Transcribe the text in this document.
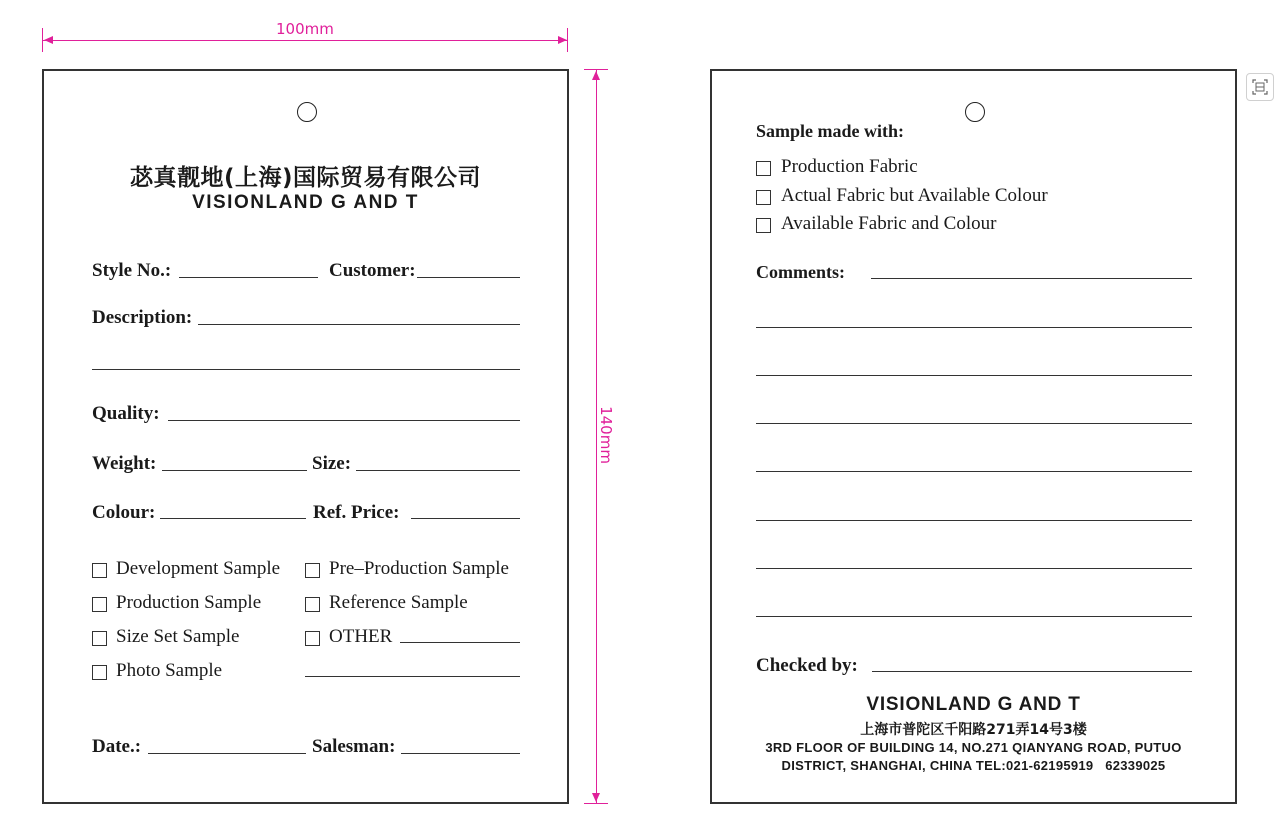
100mm
140mm
苾真靓地(上海)国际贸易有限公司
VISIONLAND G AND T
Style No.:	Customer:
Description:
Quality:
Weight:	Size:
Colour:	Ref. Price:
Development Sample	Pre–Production Sample
Production Sample	Reference Sample
Size Set Sample	OTHER
Photo Sample
Date.:	Salesman:
Sample made with:
Production Fabric
Actual Fabric but Available Colour
Available Fabric and Colour
Comments:
Checked by:
VISIONLAND G AND T
上海市普陀区千阳路271弄14号3楼
3RD FLOOR OF BUILDING 14, NO.271 QIANYANG ROAD, PUTUO
DISTRICT, SHANGHAI, CHINA TEL:021-62195919   62339025
